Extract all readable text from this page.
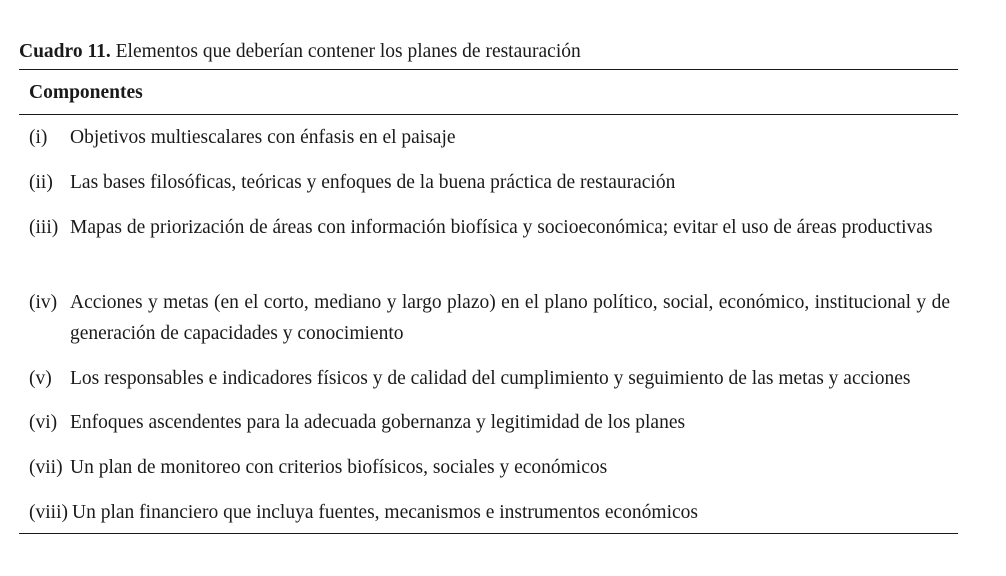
Cuadro 11. Elementos que deberían contener los planes de restauración
Componentes
(i) Objetivos multiescalares con énfasis en el paisaje
(ii) Las bases filosóficas, teóricas y enfoques de la buena práctica de restauración
(iii) Mapas de priorización de áreas con información biofísica y socioeconómica; evitar el uso de áreas productivas
(iv) Acciones y metas (en el corto, mediano y largo plazo) en el plano político, social, económico, institucional y de generación de capacidades y conocimiento
(v) Los responsables e indicadores físicos y de calidad del cumplimiento y seguimiento de las metas y acciones
(vi) Enfoques ascendentes para la adecuada gobernanza y legitimidad de los planes
(vii) Un plan de monitoreo con criterios biofísicos, sociales y económicos
(viii) Un plan financiero que incluya fuentes, mecanismos e instrumentos económicos
